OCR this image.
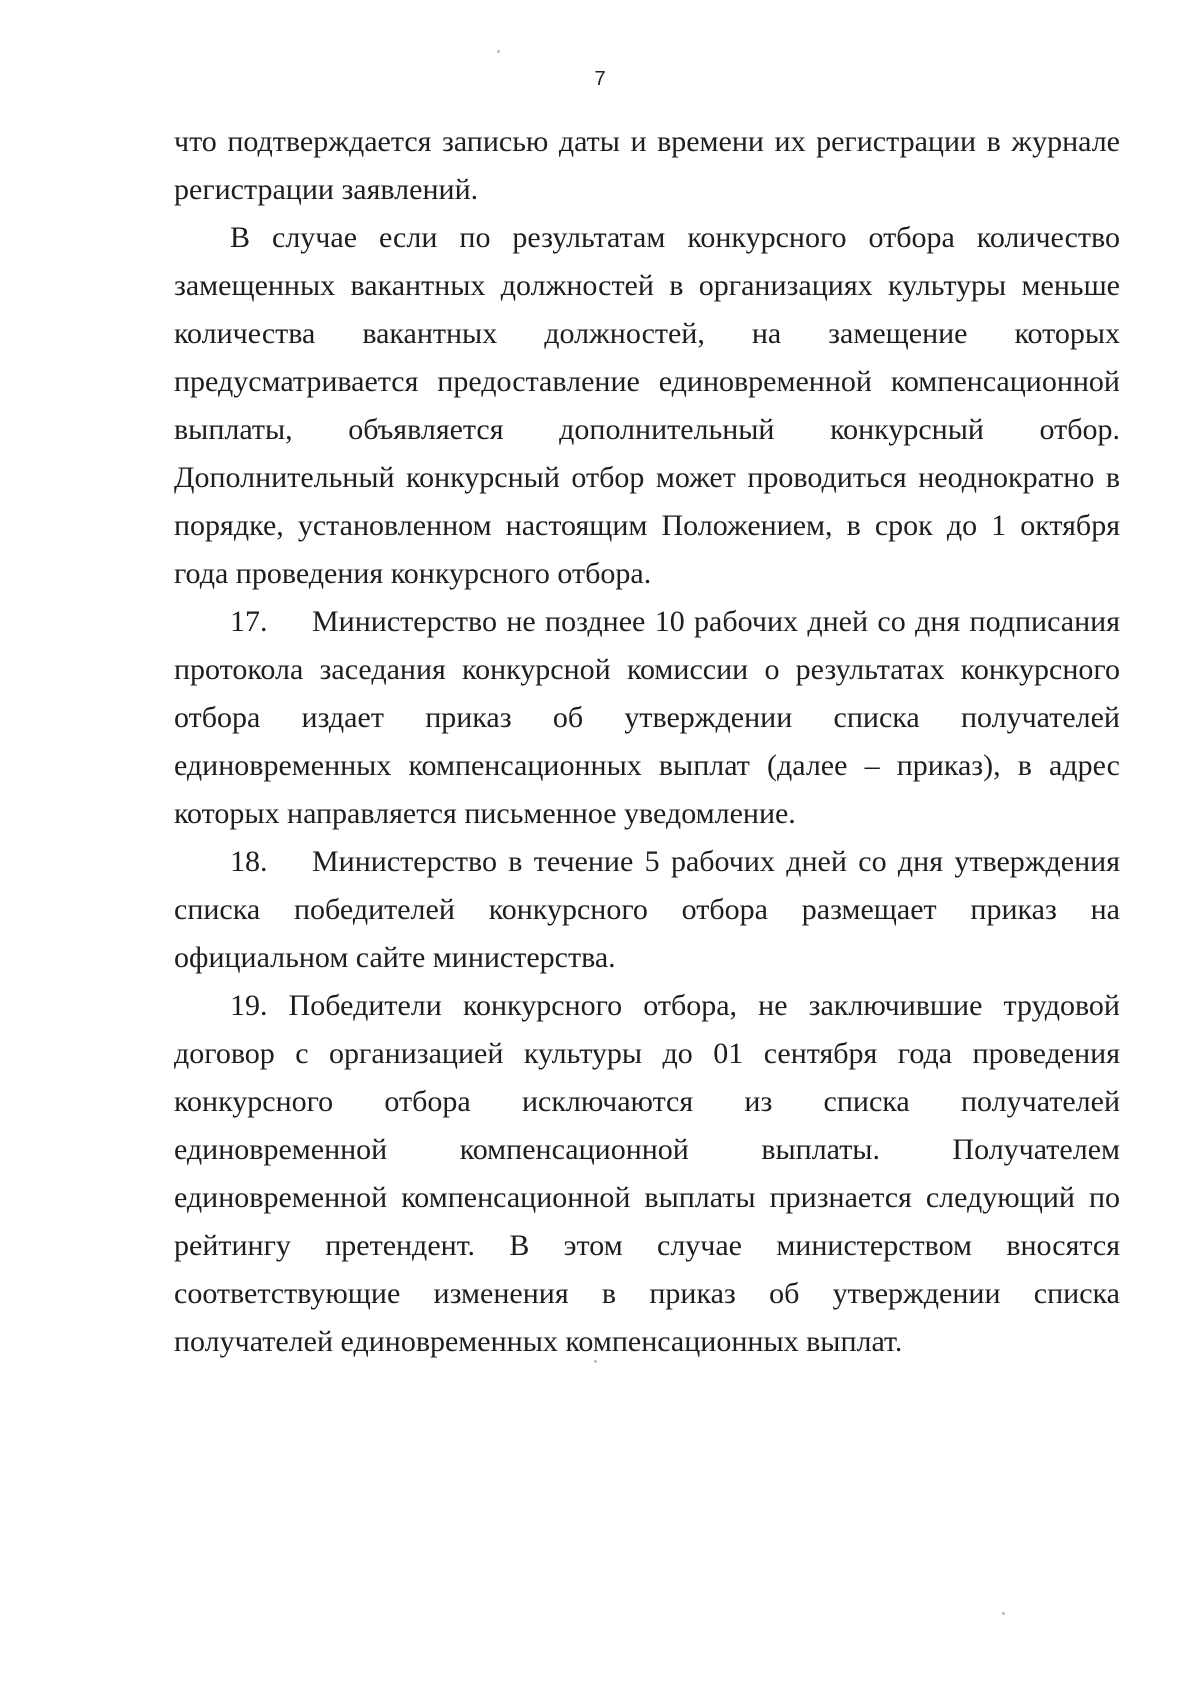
7

что подтверждается записью даты и времени их регистрации в журнале регистрации заявлений.

В случае если по результатам конкурсного отбора количество замещенных вакантных должностей в организациях культуры меньше количества вакантных должностей, на замещение которых предусматривается предоставление единовременной компенсационной выплаты, объявляется дополнительный конкурсный отбор. Дополнительный конкурсный отбор может проводиться неоднократно в порядке, установленном настоящим Положением, в срок до 1 октября года проведения конкурсного отбора.

17. Министерство не позднее 10 рабочих дней со дня подписания протокола заседания конкурсной комиссии о результатах конкурсного отбора издает приказ об утверждении списка получателей единовременных компенсационных выплат (далее – приказ), в адрес которых направляется письменное уведомление.

18. Министерство в течение 5 рабочих дней со дня утверждения списка победителей конкурсного отбора размещает приказ на официальном сайте министерства.

19. Победители конкурсного отбора, не заключившие трудовой договор с организацией культуры до 01 сентября года проведения конкурсного отбора исключаются из списка получателей единовременной компенсационной выплаты. Получателем единовременной компенсационной выплаты признается следующий по рейтингу претендент. В этом случае министерством вносятся соответствующие изменения в приказ об утверждении списка получателей единовременных компенсационных выплат.
